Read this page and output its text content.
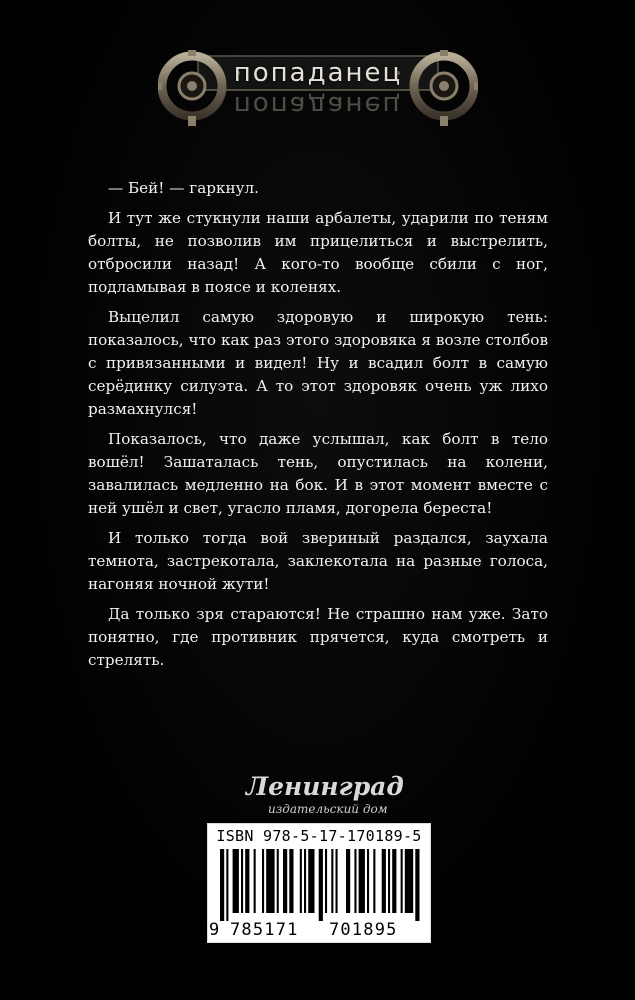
попаданец
попаданец

— Бей! — гаркнул.

И тут же стукнули наши арбалеты, ударили по теням болты, не позволив им прицелиться и выстрелить, отбросили назад! А кого-то вообще сбили с ног, подламывая в поясе и коленях.

Выцелил самую здоровую и широкую тень: показалось, что как раз этого здоровяка я возле столбов с привязанными и видел! Ну и всадил болт в самую серёдинку силуэта. А то этот здоровяк очень уж лихо размахнулся!

Показалось, что даже услышал, как болт в тело вошёл! Зашаталась тень, опустилась на колени, завалилась медленно на бок. И в этот момент вместе с ней ушёл и свет, угасло пламя, догорела береста!

И только тогда вой звериный раздался, заухала темнота, застрекотала, заклекотала на разные голоса, нагоняя ночной жути!

Да только зря стараются! Не страшно нам уже. Зато понятно, где противник прячется, куда смотреть и стрелять.

Ленинград
издательский дом
ISBN 978-5-17-170189-5
9 785171 701895
